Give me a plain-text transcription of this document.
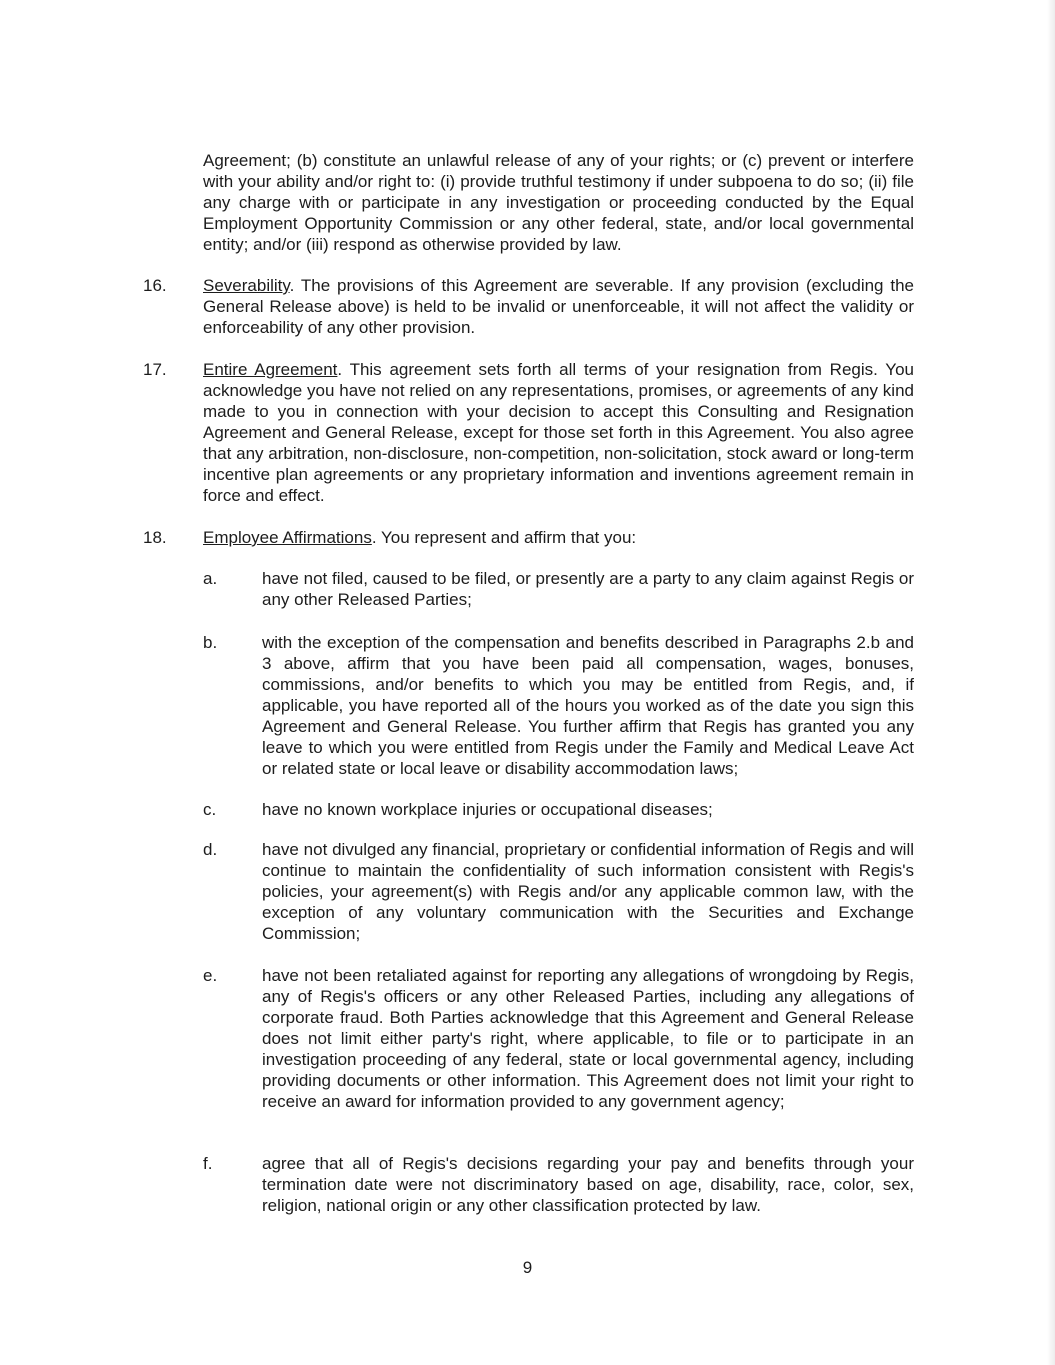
Agreement; (b) constitute an unlawful release of any of your rights; or (c) prevent or interfere with your ability and/or right to: (i) provide truthful testimony if under subpoena to do so; (ii) file any charge with or participate in any investigation or proceeding conducted by the Equal Employment Opportunity Commission or any other federal, state, and/or local governmental entity; and/or (iii) respond as otherwise provided by law.

16. Severability. The provisions of this Agreement are severable. If any provision (excluding the General Release above) is held to be invalid or unenforceable, it will not affect the validity or enforceability of any other provision.

17. Entire Agreement. This agreement sets forth all terms of your resignation from Regis. You acknowledge you have not relied on any representations, promises, or agreements of any kind made to you in connection with your decision to accept this Consulting and Resignation Agreement and General Release, except for those set forth in this Agreement. You also agree that any arbitration, non-disclosure, non-competition, non-solicitation, stock award or long-term incentive plan agreements or any proprietary information and inventions agreement remain in force and effect.

18. Employee Affirmations. You represent and affirm that you:

a.	have not filed, caused to be filed, or presently are a party to any claim against Regis or any other Released Parties;

b.	with the exception of the compensation and benefits described in Paragraphs 2.b and 3 above, affirm that you have been paid all compensation, wages, bonuses, commissions, and/or benefits to which you may be entitled from Regis, and, if applicable, you have reported all of the hours you worked as of the date you sign this Agreement and General Release. You further affirm that Regis has granted you any leave to which you were entitled from Regis under the Family and Medical Leave Act or related state or local leave or disability accommodation laws;

c.	have no known workplace injuries or occupational diseases;

d.	have not divulged any financial, proprietary or confidential information of Regis and will continue to maintain the confidentiality of such information consistent with Regis's policies, your agreement(s) with Regis and/or any applicable common law, with the exception of any voluntary communication with the Securities and Exchange Commission;

e.	have not been retaliated against for reporting any allegations of wrongdoing by Regis, any of Regis's officers or any other Released Parties, including any allegations of corporate fraud. Both Parties acknowledge that this Agreement and General Release does not limit either party's right, where applicable, to file or to participate in an investigation proceeding of any federal, state or local governmental agency, including providing documents or other information. This Agreement does not limit your right to receive an award for information provided to any government agency;

f.	agree that all of Regis's decisions regarding your pay and benefits through your termination date were not discriminatory based on age, disability, race, color, sex, religion, national origin or any other classification protected by law.

9
